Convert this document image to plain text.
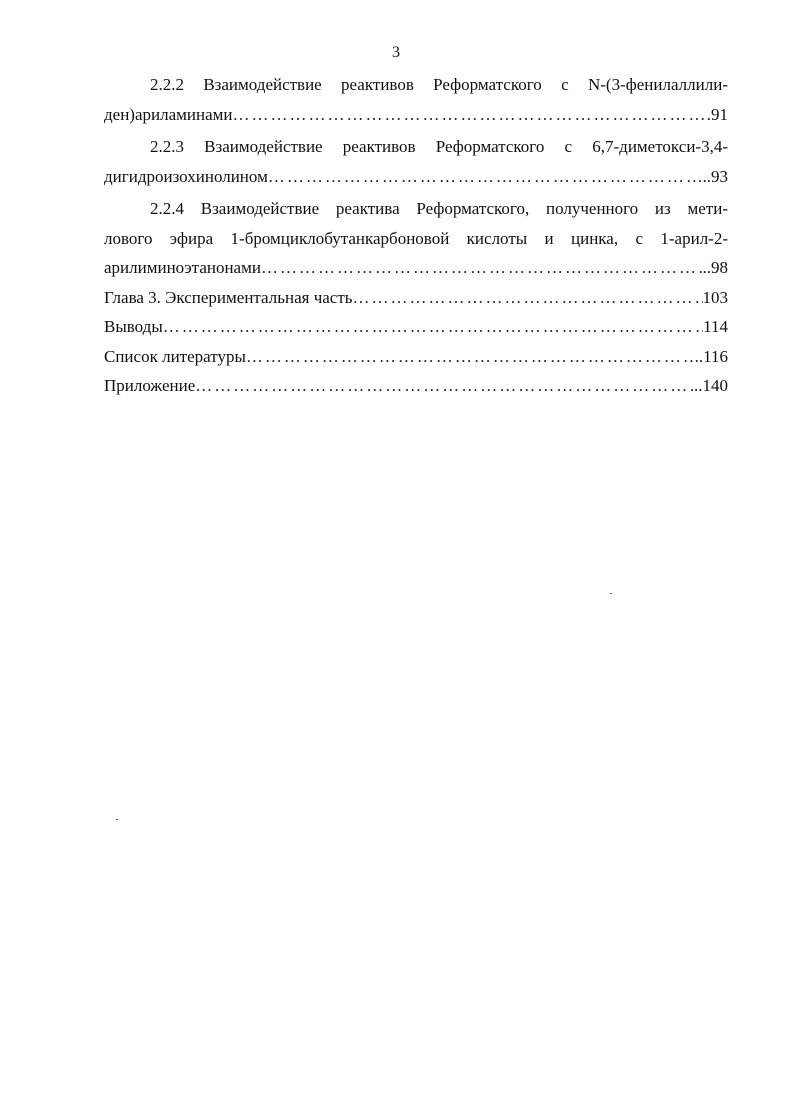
3
2.2.2 Взаимодействие реактивов Реформатского с N-(3-фенилаллили-
ден)ариламинами ………………………………………………………………………………………………………………………………………………………………	.91
2.2.3 Взаимодействие реактивов Реформатского с 6,7-диметокси-3,4-
дигидроизохинолином ………………………………………………………………………………………………………………………………………………………………	..93
2.2.4 Взаимодействие реактива Реформатского, полученного из мети-
лового эфира 1-бромциклобутанкарбоновой кислоты и цинка, с 1-арил-2-
арилиминоэтанонами ………………………………………………………………………………………………………………………………………………………………	..98
Глава 3. Экспериментальная часть ………………………………………………………………………………………………………………………………………………………………	103
Выводы ………………………………………………………………………………………………………………………………………………………………	114
Список литературы ………………………………………………………………………………………………………………………………………………………………	..116
Приложение ………………………………………………………………………………………………………………………………………………………………	..140
